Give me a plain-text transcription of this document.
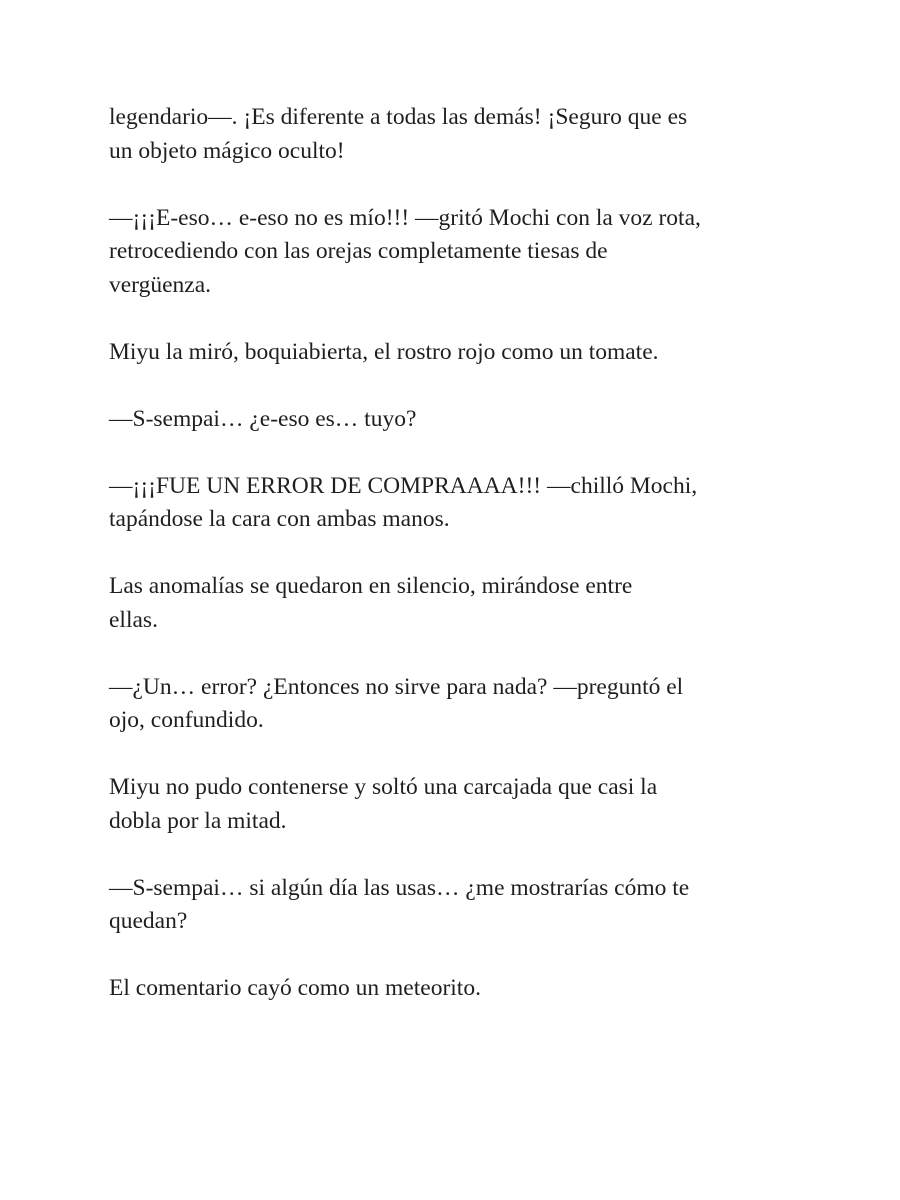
legendario—. ¡Es diferente a todas las demás! ¡Seguro que es
un objeto mágico oculto!

—¡¡¡E-eso… e-eso no es mío!!! —gritó Mochi con la voz rota,
retrocediendo con las orejas completamente tiesas de
vergüenza.

Miyu la miró, boquiabierta, el rostro rojo como un tomate.

—S-sempai… ¿e-eso es… tuyo?

—¡¡¡FUE UN ERROR DE COMPRAAAA!!! —chilló Mochi,
tapándose la cara con ambas manos.

Las anomalías se quedaron en silencio, mirándose entre
ellas.

—¿Un… error? ¿Entonces no sirve para nada? —preguntó el
ojo, confundido.

Miyu no pudo contenerse y soltó una carcajada que casi la
dobla por la mitad.

—S-sempai… si algún día las usas… ¿me mostrarías cómo te
quedan?

El comentario cayó como un meteorito.
